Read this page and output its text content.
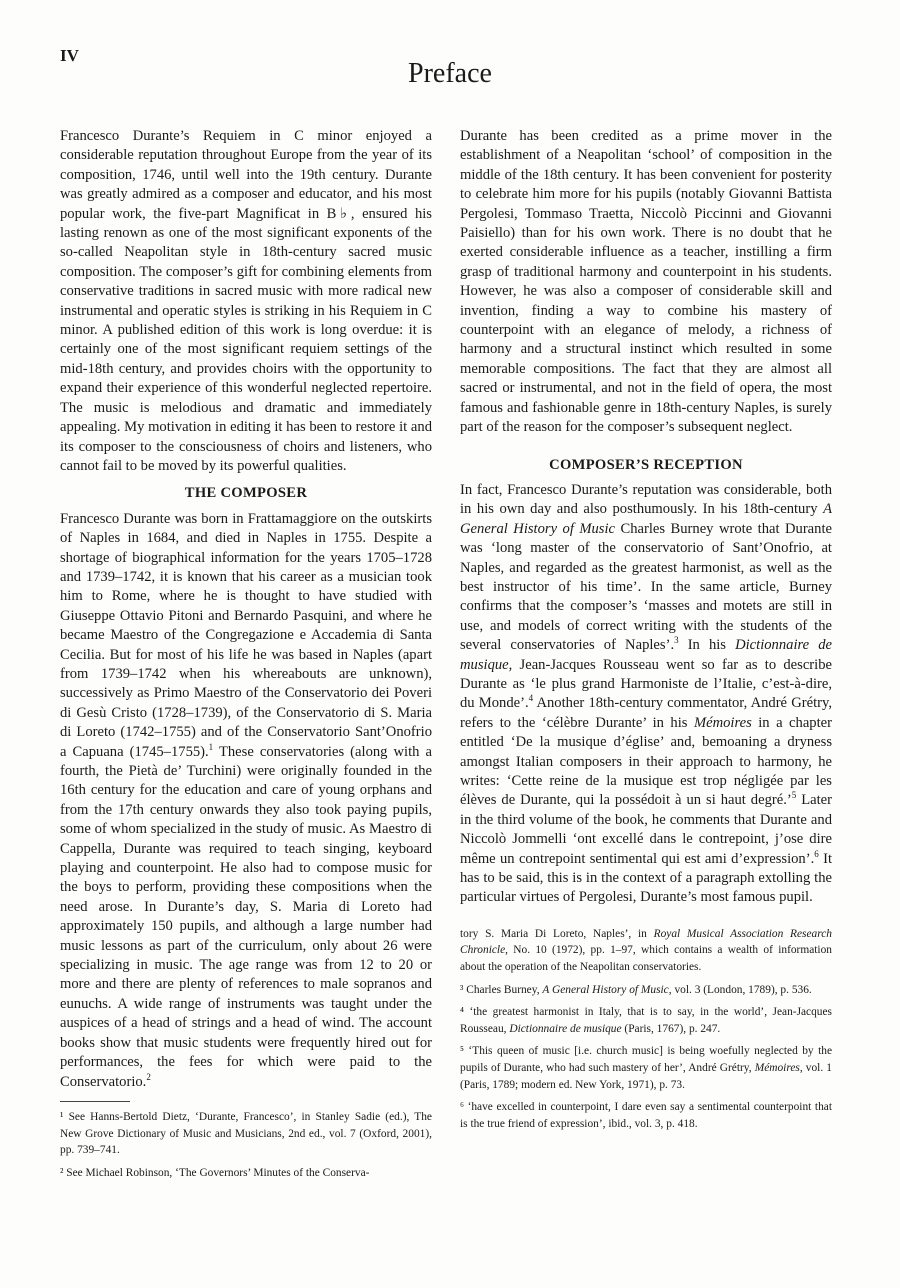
IV
Preface

Francesco Durante’s Requiem in C minor enjoyed a considerable reputation throughout Europe from the year of its composition, 1746, until well into the 19th century. Durante was greatly admired as a composer and educator, and his most popular work, the five-part Magnificat in B♭, ensured his lasting renown as one of the most significant exponents of the so-called Neapolitan style in 18th-century sacred music composition. The composer’s gift for combining elements from conservative traditions in sacred music with more radical new instrumental and operatic styles is striking in his Requiem in C minor. A published edition of this work is long overdue: it is certainly one of the most significant requiem settings of the mid-18th century, and provides choirs with the opportunity to expand their experience of this wonderful neglected repertoire. The music is melodious and dramatic and immediately appealing. My motivation in editing it has been to restore it and its composer to the consciousness of choirs and listeners, who cannot fail to be moved by its powerful qualities.

THE COMPOSER

Francesco Durante was born in Frattamaggiore on the outskirts of Naples in 1684, and died in Naples in 1755. Despite a shortage of biographical information for the years 1705–1728 and 1739–1742, it is known that his career as a musician took him to Rome, where he is thought to have studied with Giuseppe Ottavio Pitoni and Bernardo Pasquini, and where he became Maestro of the Congregazione e Accademia di Santa Cecilia. But for most of his life he was based in Naples (apart from 1739–1742 when his whereabouts are unknown), successively as Primo Maestro of the Conservatorio dei Poveri di Gesù Cristo (1728–1739), of the Conservatorio di S. Maria di Loreto (1742–1755) and of the Conservatorio Sant’Onofrio a Capuana (1745–1755).$^1$ These conservatories (along with a fourth, the Pietà de’ Turchini) were originally founded in the 16th century for the education and care of young orphans and from the 17th century onwards they also took paying pupils, some of whom specialized in the study of music. As Maestro di Cappella, Durante was required to teach singing, keyboard playing and counterpoint. He also had to compose music for the boys to perform, providing these compositions when the need arose. In Durante’s day, S. Maria di Loreto had approximately 150 pupils, and although a large number had music lessons as part of the curriculum, only about 26 were specializing in music. The age range was from 12 to 20 or more and there are plenty of references to male sopranos and eunuchs. A wide range of instruments was taught under the auspices of a head of strings and a head of wind. The account books show that music students were frequently hired out for performances, the fees for which were paid to the Conservatorio.$^2$

¹ See Hanns-Bertold Dietz, ‘Durante, Francesco’, in Stanley Sadie (ed.), The New Grove Dictionary of Music and Musicians, 2nd ed., vol. 7 (Oxford, 2001), pp. 739–741.

² See Michael Robinson, ‘The Governors’ Minutes of the Conserva-

Durante has been credited as a prime mover in the establishment of a Neapolitan ‘school’ of composition in the middle of the 18th century. It has been convenient for posterity to celebrate him more for his pupils (notably Giovanni Battista Pergolesi, Tommaso Traetta, Niccolò Piccinni and Giovanni Paisiello) than for his own work. There is no doubt that he exerted considerable influence as a teacher, instilling a firm grasp of traditional harmony and counterpoint in his students. However, he was also a composer of considerable skill and invention, finding a way to combine his mastery of counterpoint with an elegance of melody, a richness of harmony and a structural instinct which resulted in some memorable compositions. The fact that they are almost all sacred or instrumental, and not in the field of opera, the most famous and fashionable genre in 18th-century Naples, is surely part of the reason for the composer’s subsequent neglect.

COMPOSER’S RECEPTION

In fact, Francesco Durante’s reputation was considerable, both in his own day and also posthumously. In his 18th-century A General History of Music Charles Burney wrote that Durante was ‘long master of the conservatorio of Sant’Onofrio, at Naples, and regarded as the greatest harmonist, as well as the best instructor of his time’. In the same article, Burney confirms that the composer’s ‘masses and motets are still in use, and models of correct writing with the students of the several conservatories of Naples’.$^3$ In his Dictionnaire de musique, Jean-Jacques Rousseau went so far as to describe Durante as ‘le plus grand Harmoniste de l’Italie, c’est-à-dire, du Monde’.$^4$ Another 18th-century commentator, André Grétry, refers to the ‘célèbre Durante’ in his Mémoires in a chapter entitled ‘De la musique d’église’ and, bemoaning a dryness amongst Italian composers in their approach to harmony, he writes: ‘Cette reine de la musique est trop négligée par les élèves de Durante, qui la possédoit à un si haut degré.’$^5$ Later in the third volume of the book, he comments that Durante and Niccolò Jommelli ‘ont excellé dans le contrepoint, j’ose dire même un contrepoint sentimental qui est ami d’expression’.$^6$ It has to be said, this is in the context of a paragraph extolling the particular virtues of Pergolesi, Durante’s most famous pupil.

tory S. Maria Di Loreto, Naples’, in Royal Musical Association Research Chronicle, No. 10 (1972), pp. 1–97, which contains a wealth of information about the operation of the Neapolitan conservatories.

³ Charles Burney, A General History of Music, vol. 3 (London, 1789), p. 536.

⁴ ‘the greatest harmonist in Italy, that is to say, in the world’, Jean-Jacques Rousseau, Dictionnaire de musique (Paris, 1767), p. 247.

⁵ ‘This queen of music [i.e. church music] is being woefully neglected by the pupils of Durante, who had such mastery of her’, André Grétry, Mémoires, vol. 1 (Paris, 1789; modern ed. New York, 1971), p. 73.

⁶ ‘have excelled in counterpoint, I dare even say a sentimental counterpoint that is the true friend of expression’, ibid., vol. 3, p. 418.
